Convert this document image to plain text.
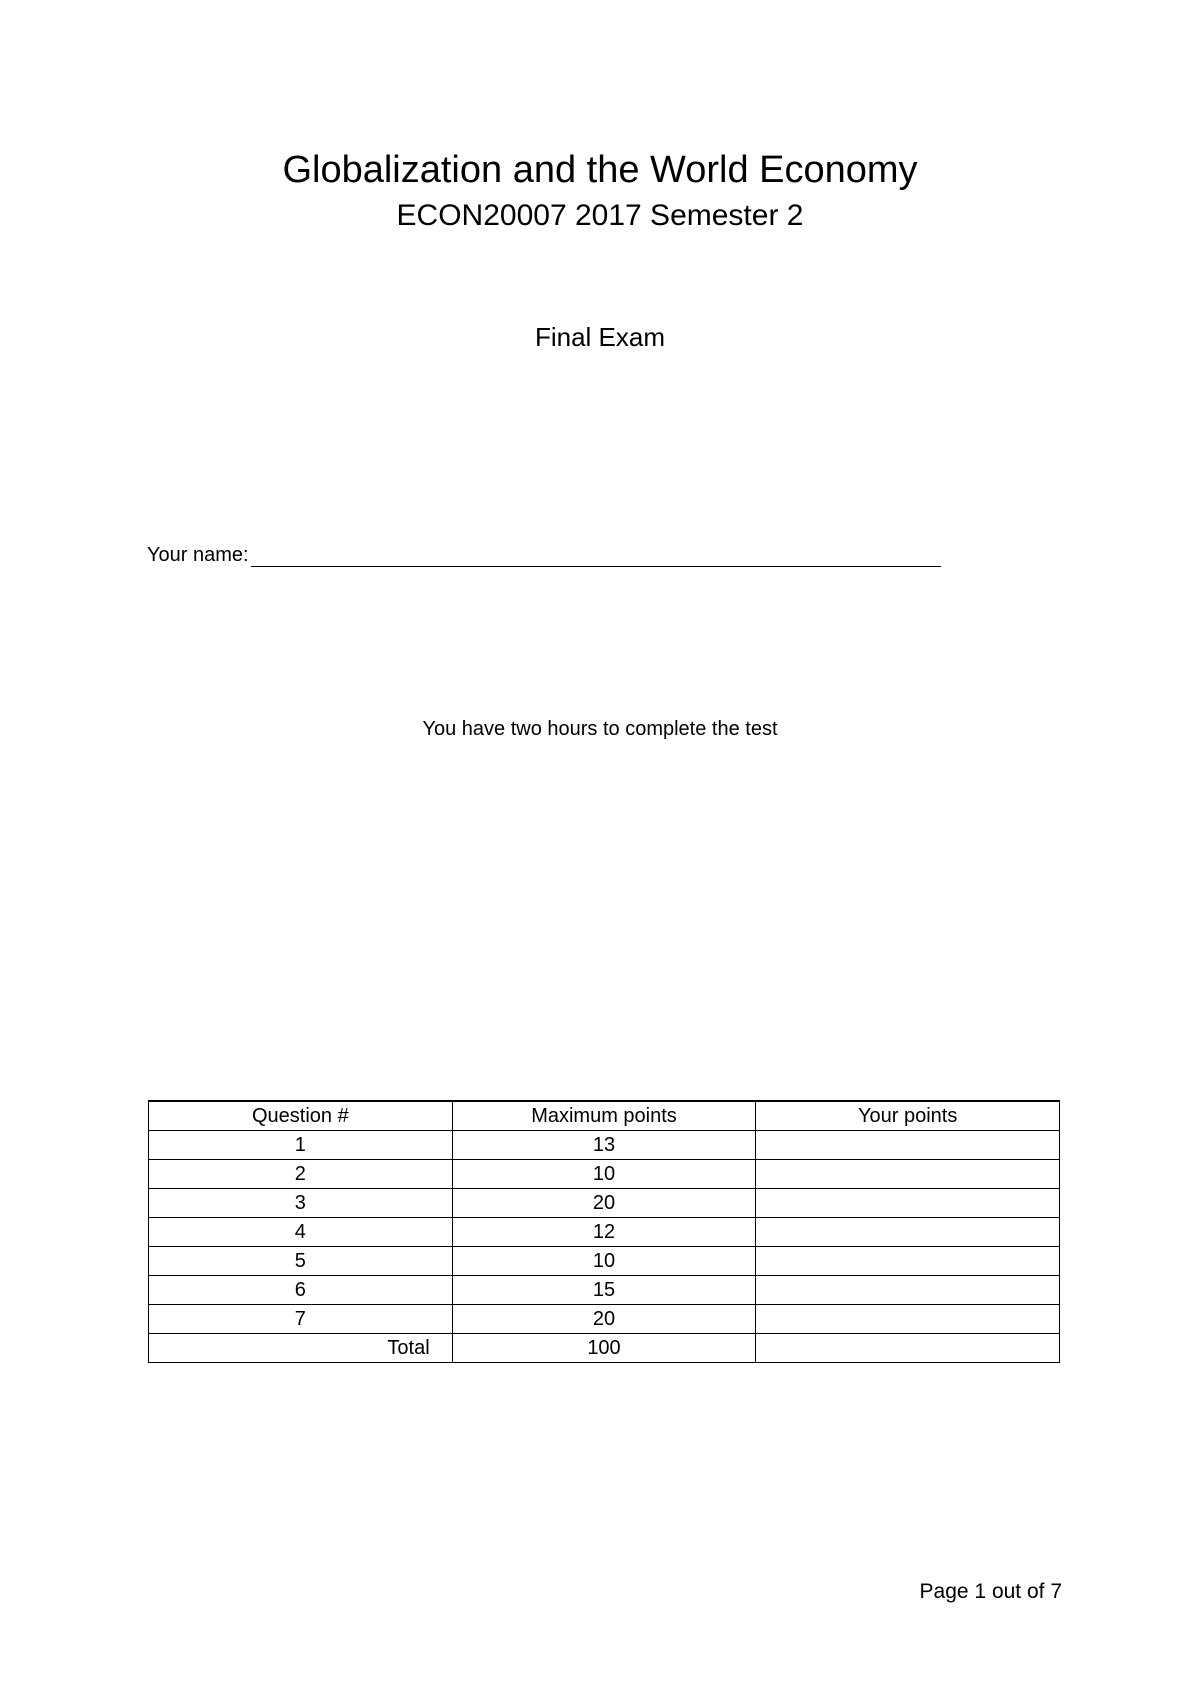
Globalization and the World Economy
ECON20007 2017 Semester 2
Final Exam
Your name:
You have two hours to complete the test
Question #	Maximum points	Your points
1	13	
2	10	
3	20	
4	12	
5	10	
6	15	
7	20	
Total	100	
Page 1 out of 7
